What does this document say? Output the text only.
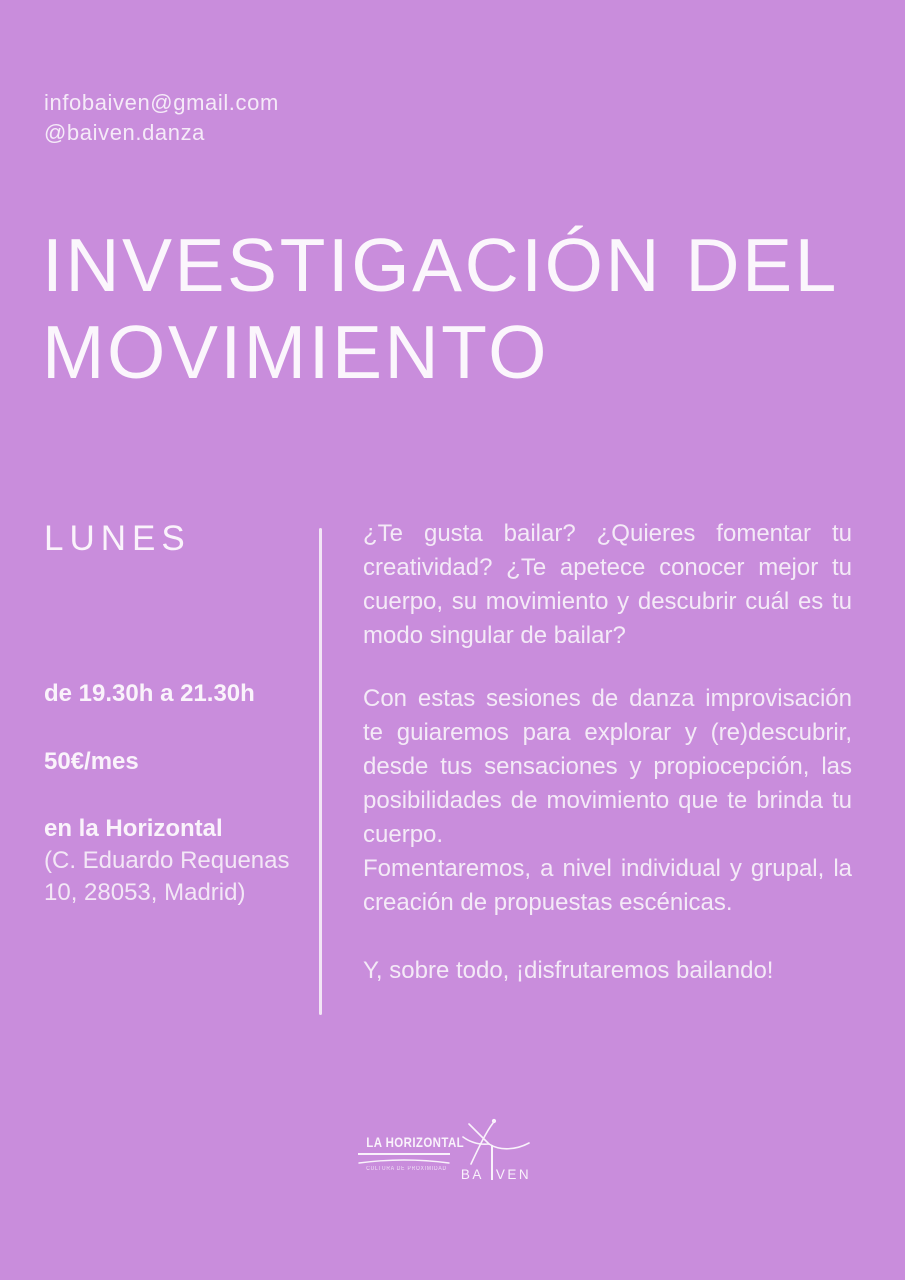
infobaiven@gmail.com
@baiven.danza
INVESTIGACIÓN DEL
MOVIMIENTO
LUNES

de 19.30h a 21.30h

50€/mes

en la Horizontal

(C. Eduardo Requenas

10, 28053, Madrid)

¿Te gusta bailar? ¿Quieres fomentar tu creatividad? ¿Te apetece conocer mejor tu cuerpo, su movimiento y descubrir cuál es tu modo singular de bailar?

Con estas sesiones de danza improvisación te guiaremos para explorar y (re)descubrir, desde tus sensaciones y propiocepción, las posibilidades de movimiento que te brinda tu cuerpo.

Fomentaremos, a nivel individual y grupal, la creación de propuestas escénicas.

Y, sobre todo, ¡disfrutaremos bailando!

LA HORIZONTAL
CULTURA DE PROXIMIDAD BA VEN
